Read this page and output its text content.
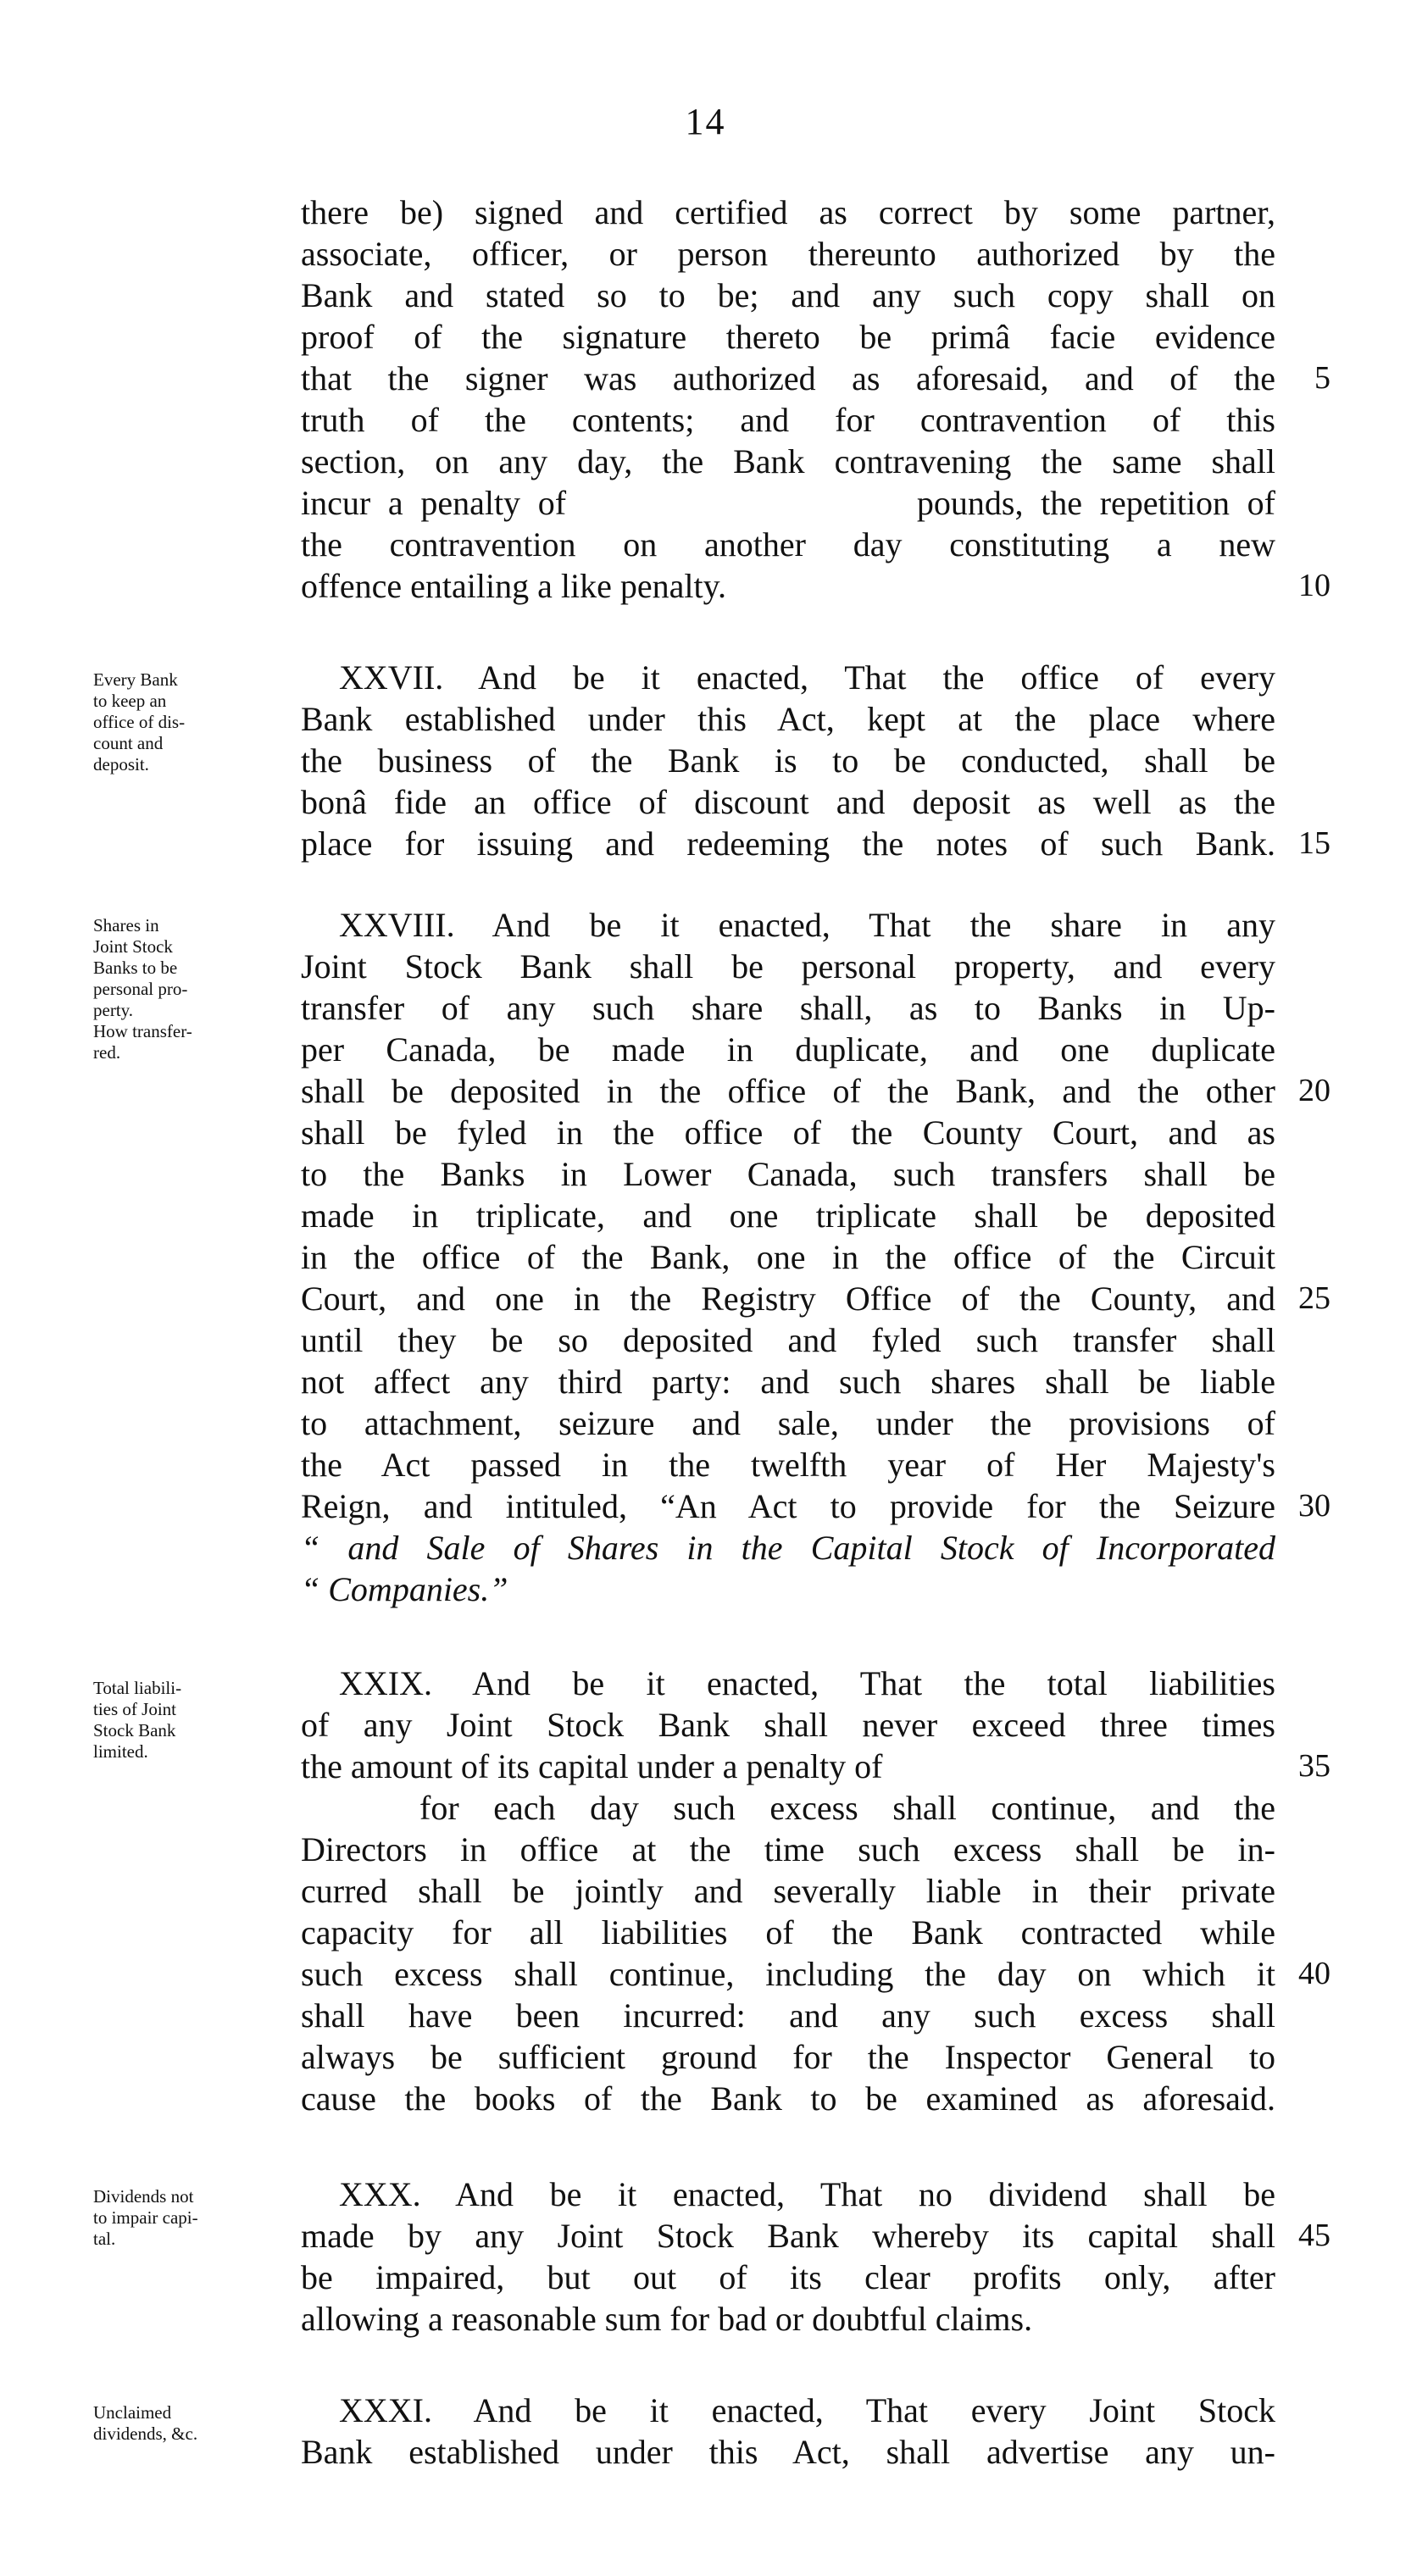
14
there be) signed and certified as correct by some partner,
associate, officer, or person thereunto authorized by the
Bank and stated so to be; and any such copy shall on
proof of the signature thereto be primâ facie evidence
that the signer was authorized as aforesaid, and of the
truth of the contents; and for contravention of this
section, on any day, the Bank contravening the same shall
incur a penalty of                    pounds, the repetition of
the contravention on another day constituting a new
offence entailing a like penalty.
Every Bank
to keep an
office of dis-
count and
deposit.
XXVII. And be it enacted, That the office of every
Bank established under this Act, kept at the place where
the business of the Bank is to be conducted, shall be
bonâ fide an office of discount and deposit as well as the
place for issuing and redeeming the notes of such Bank.
Shares in
Joint Stock
Banks to be
personal pro-
perty.
How transfer-
red.
XXVIII. And be it enacted, That the share in any
Joint Stock Bank shall be personal property, and every
transfer of any such share shall, as to Banks in Up-
per Canada, be made in duplicate, and one duplicate
shall be deposited in the office of the Bank, and the other
shall be fyled in the office of the County Court, and as
to the Banks in Lower Canada, such transfers shall be
made in triplicate, and one triplicate shall be deposited
in the office of the Bank, one in the office of the Circuit
Court, and one in the Registry Office of the County, and
until they be so deposited and fyled such transfer shall
not affect any third party: and such shares shall be liable
to attachment, seizure and sale, under the provisions of
the Act passed in the twelfth year of Her Majesty's
Reign, and intituled, “An Act to provide for the Seizure
“ and Sale of Shares in the Capital Stock of Incorporated
“ Companies.”
Total liabili-
ties of Joint
Stock Bank
limited.
XXIX. And be it enacted, That the total liabilities
of any Joint Stock Bank shall never exceed three times
the amount of its capital under a penalty of
for each day such excess shall continue, and the
Directors in office at the time such excess shall be in-
curred shall be jointly and severally liable in their private
capacity for all liabilities of the Bank contracted while
such excess shall continue, including the day on which it
shall have been incurred: and any such excess shall
always be sufficient ground for the Inspector General to
cause the books of the Bank to be examined as aforesaid.
Dividends not
to impair capi-
tal.
XXX. And be it enacted, That no dividend shall be
made by any Joint Stock Bank whereby its capital shall
be impaired, but out of its clear profits only, after
allowing a reasonable sum for bad or doubtful claims.
Unclaimed
dividends, &c.
XXXI. And be it enacted, That every Joint Stock
Bank established under this Act, shall advertise any un-
5
10
15
20
25
30
35
40
45
